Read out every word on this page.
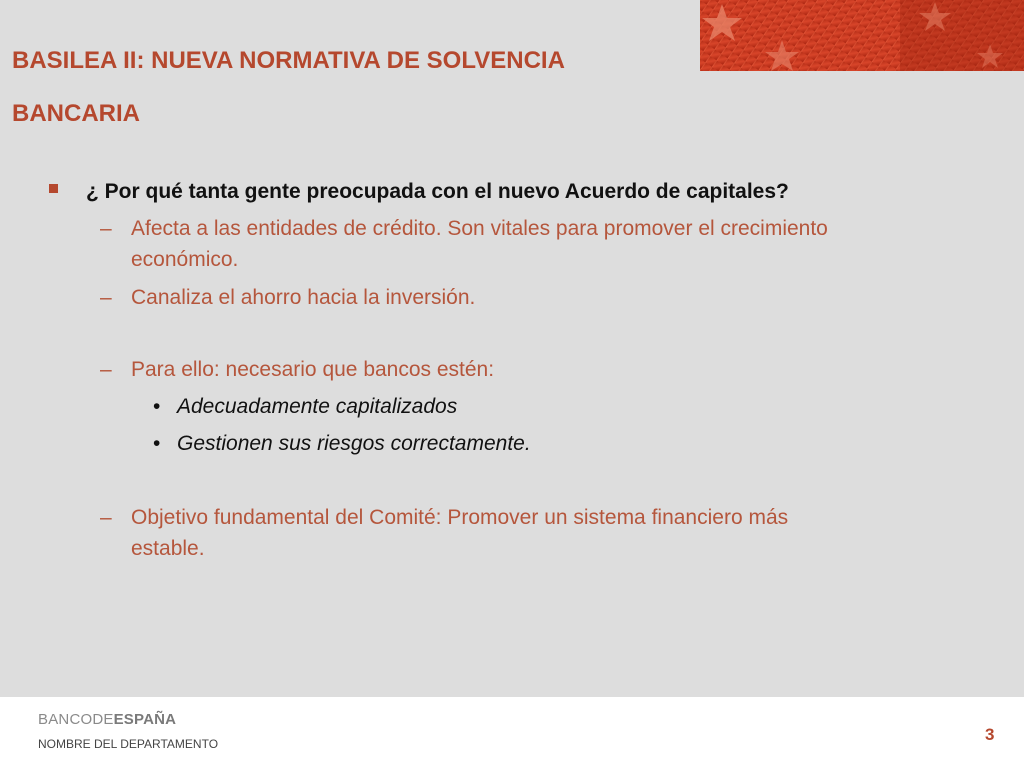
BASILEA II: NUEVA NORMATIVA DE SOLVENCIA
BANCARIA
¿ Por qué tanta gente preocupada con el nuevo Acuerdo de capitales?
– Afecta a las entidades de crédito. Son vitales para promover el crecimiento
económico.
– Canaliza el ahorro hacia la inversión.
– Para ello: necesario que bancos estén:
• Adecuadamente capitalizados
• Gestionen sus riesgos correctamente.
– Objetivo fundamental del Comité: Promover un sistema financiero más
estable.
BANCODEESPAÑA
NOMBRE DEL DEPARTAMENTO	3
